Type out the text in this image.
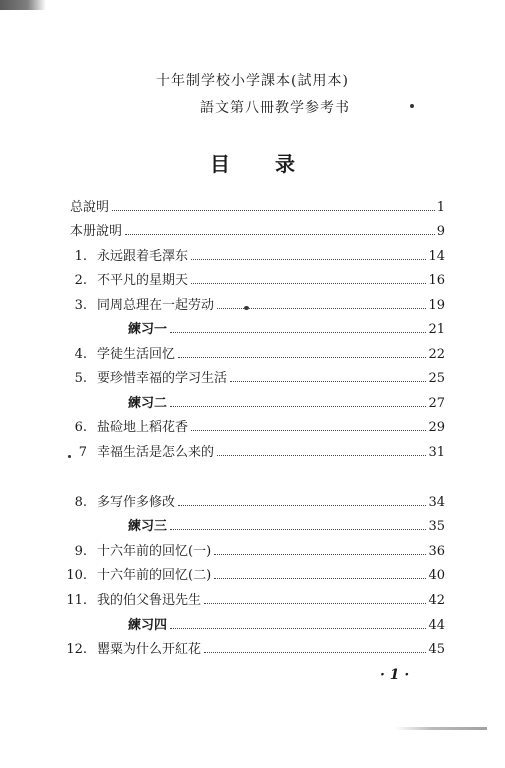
十年制学校小学課本(試用本)
語文第八冊教学参考书
目 录
总說明	1
本册說明	9
1. 永远跟着毛澤东	14
2. 不平凡的星期天	16
3. 同周总理在一起劳动	19
練习一	21
4. 学徒生活回忆	22
5. 要珍惜幸福的学习生活	25
練习二	27
6. 盐硷地上稻花香	29
7 幸福生活是怎么来的	31
8. 多写作多修改	34
練习三	35
9. 十六年前的回忆(一)	36
10. 十六年前的回忆(二)	40
11. 我的伯父鲁迅先生	42
練习四	44
12. 罌粟为什么开紅花	45
· 1 ·
